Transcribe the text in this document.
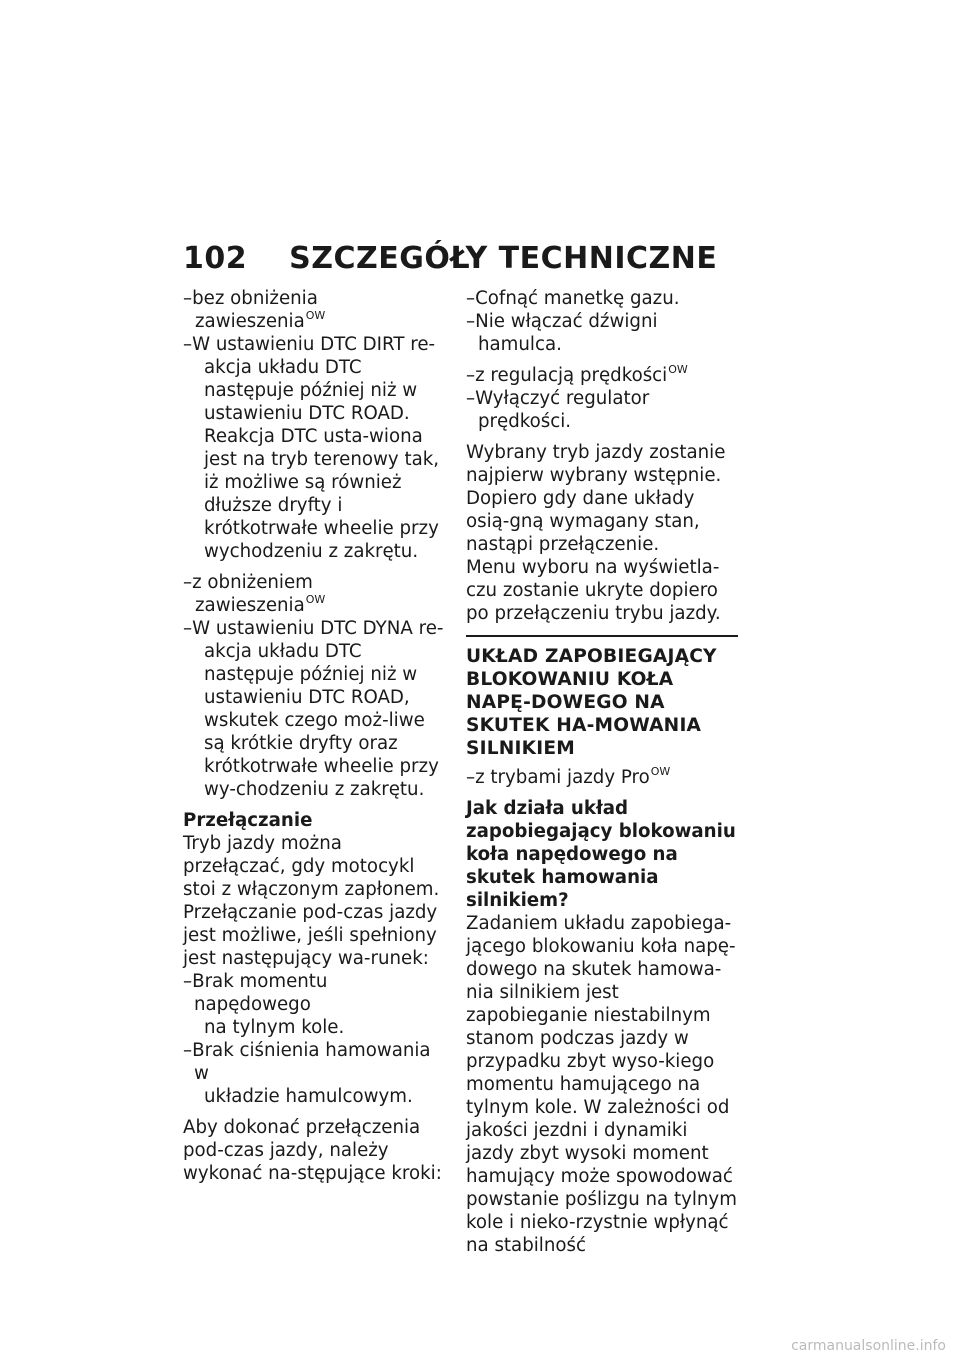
102 SZCZEGÓŁY TECHNICZNE

–bez obniżenia zawieszenia$^{OW}$

–W ustawieniu DTC DIRT re-
akcja układu DTC następuje później niż w ustawieniu DTC ROAD. Reakcja DTC usta-wiona jest na tryb terenowy tak, iż możliwe są również dłuższe dryfty i krótkotrwałe wheelie przy wychodzeniu z zakrętu.

–z obniżeniem zawieszenia$^{OW}$

–W ustawieniu DTC DYNA re-
akcja układu DTC następuje później niż w ustawieniu DTC ROAD, wskutek czego moż-liwe są krótkie dryfty oraz krótkotrwałe wheelie przy wy-chodzeniu z zakrętu.

Przełączanie

Tryb jazdy można przełączać, gdy motocykl stoi z włączonym zapłonem. Przełączanie pod-czas jazdy jest możliwe, jeśli spełniony jest następujący wa-runek:

–Brak momentu napędowego
na tylnym kole.

–Brak ciśnienia hamowania w
układzie hamulcowym.

Aby dokonać przełączenia pod-czas jazdy, należy wykonać na-stępujące kroki:

–Cofnąć manetkę gazu.

–Nie włączać dźwigni hamulca.

–z regulacją prędkości$^{OW}$

–Wyłączyć regulator prędkości.

Wybrany tryb jazdy zostanie najpierw wybrany wstępnie. Dopiero gdy dane układy osią-gną wymagany stan, nastąpi przełączenie.

Menu wyboru na wyświetla-czu zostanie ukryte dopiero po przełączeniu trybu jazdy.

UKŁAD ZAPOBIEGAJĄCY BLOKOWANIU KOŁA NAPĘ-DOWEGO NA SKUTEK HA-MOWANIA SILNIKIEM

–z trybami jazdy Pro$^{OW}$

Jak działa układ zapobiegający blokowaniu koła napędowego na skutek hamowania silnikiem?

Zadaniem układu zapobiega-jącego blokowaniu koła napę-dowego na skutek hamowa-nia silnikiem jest zapobieganie niestabilnym stanom podczas jazdy w przypadku zbyt wyso-kiego momentu hamującego na tylnym kole. W zależności od jakości jezdni i dynamiki jazdy zbyt wysoki moment hamujący może spowodować powstanie poślizgu na tylnym kole i nieko-rzystnie wpłynąć na stabilność

carmanualsonline.info
